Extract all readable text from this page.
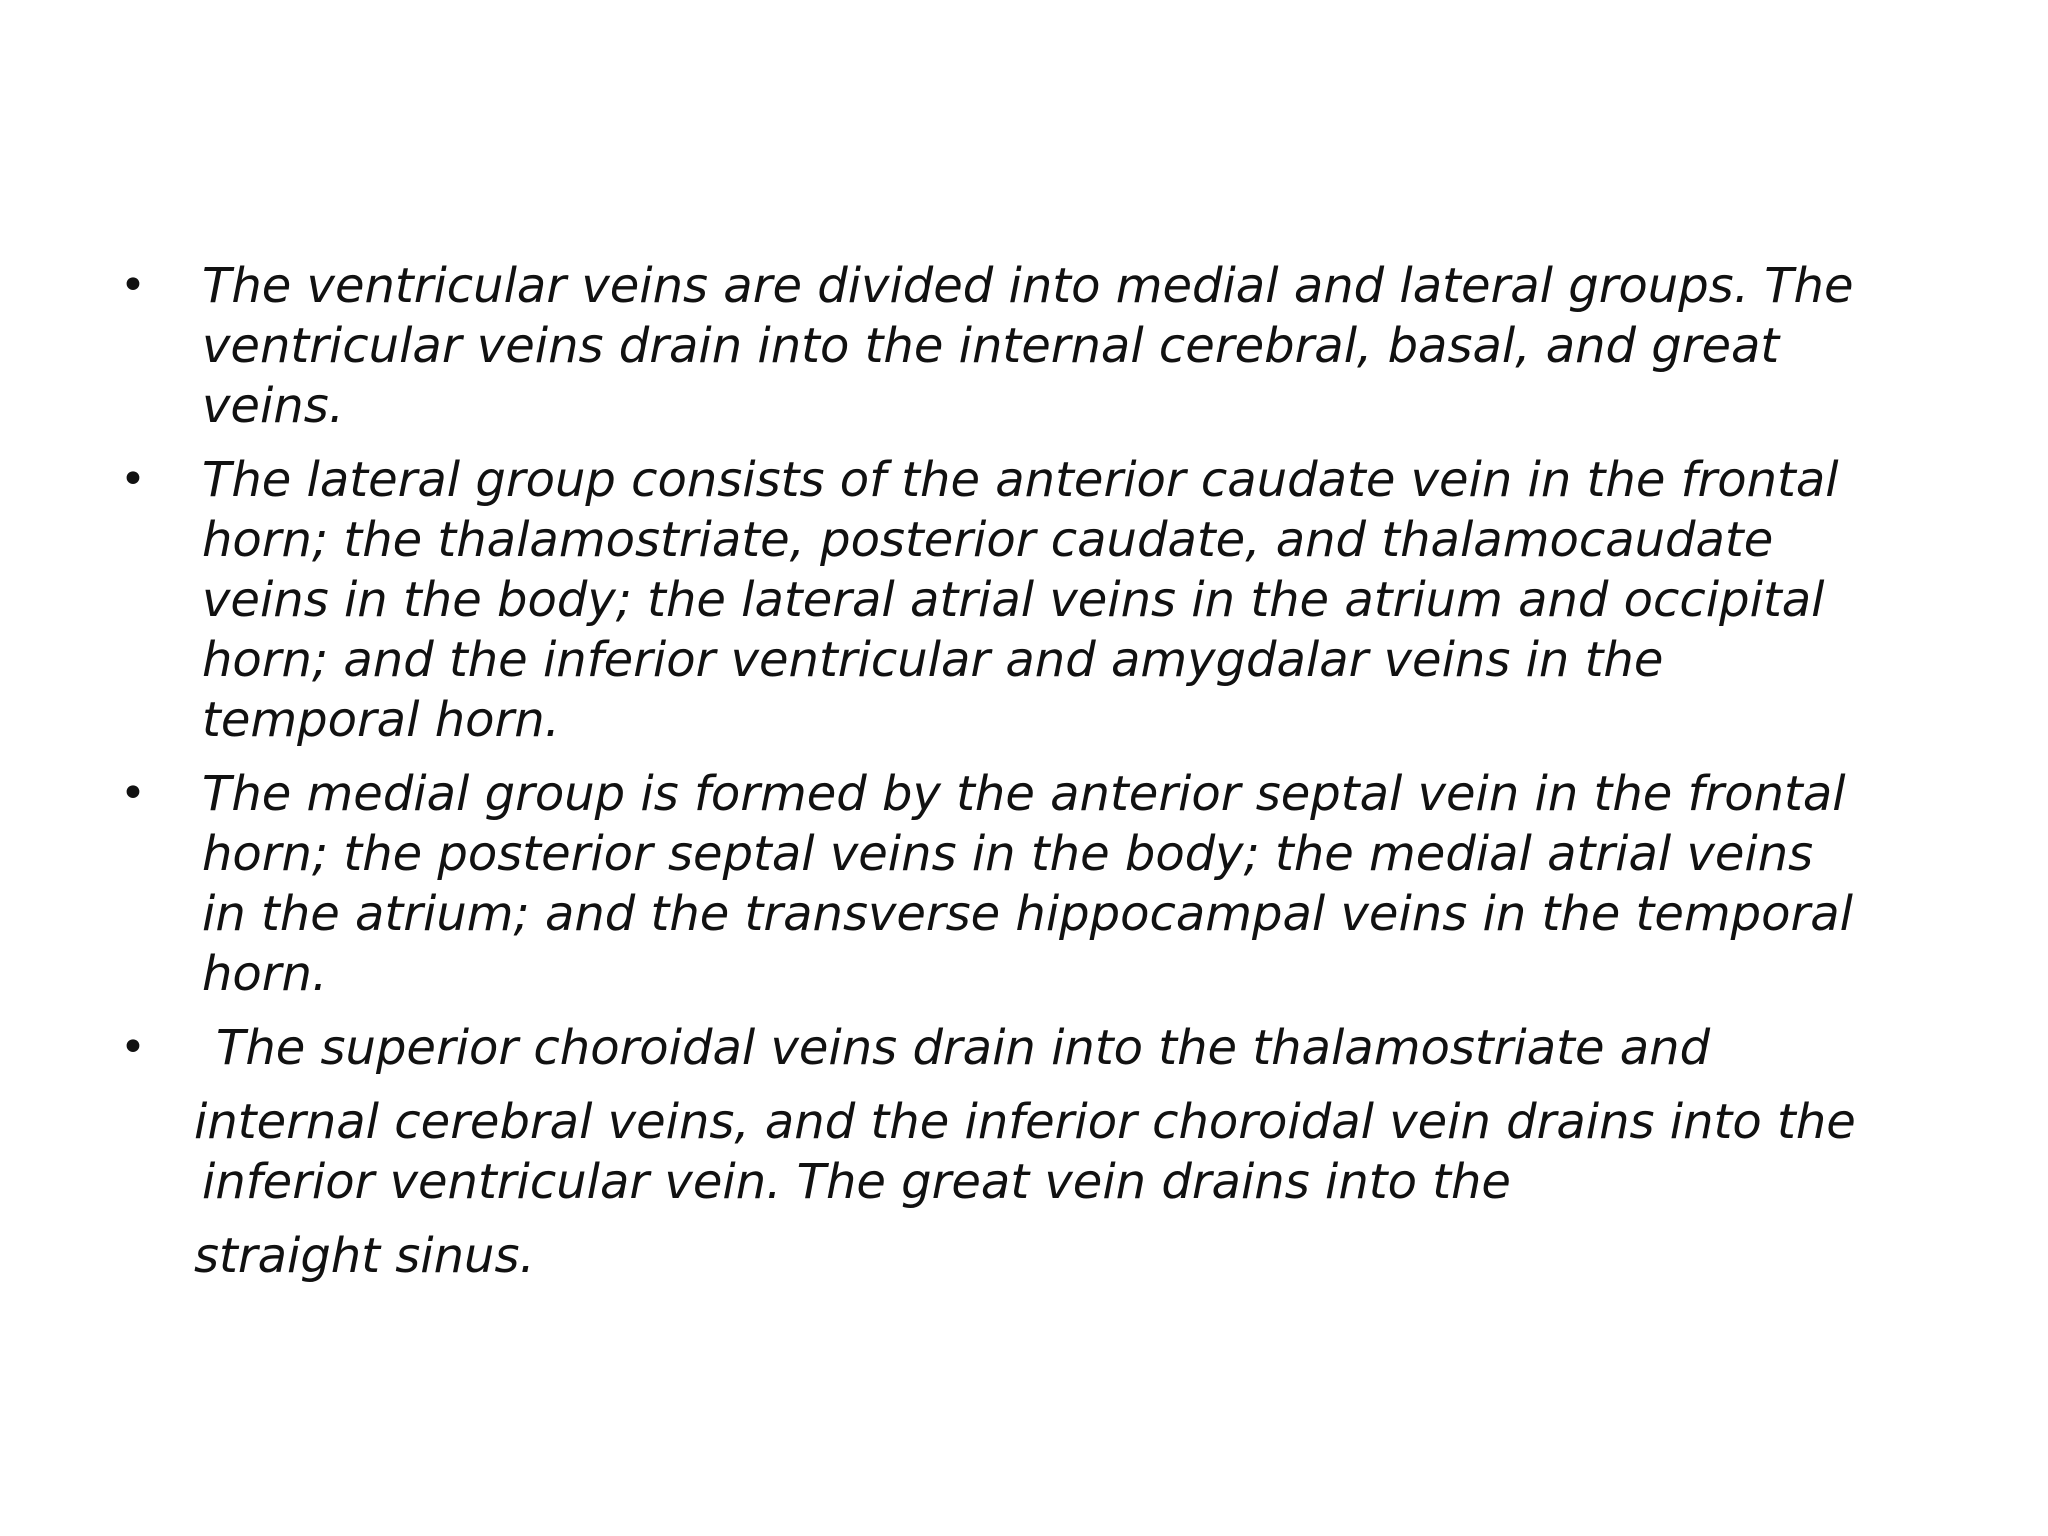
• The ventricular veins are divided into medial and lateral groups. The
ventricular veins drain into the internal cerebral, basal, and great
veins.
• The lateral group consists of the anterior caudate vein in the frontal
horn; the thalamostriate, posterior caudate, and thalamocaudate
veins in the body; the lateral atrial veins in the atrium and occipital
horn; and the inferior ventricular and amygdalar veins in the
temporal horn.
• The medial group is formed by the anterior septal vein in the frontal
horn; the posterior septal veins in the body; the medial atrial veins
in the atrium; and the transverse hippocampal veins in the temporal
horn.
• The superior choroidal veins drain into the thalamostriate and
internal cerebral veins, and the inferior choroidal vein drains into the
inferior ventricular vein. The great vein drains into the
straight sinus.
